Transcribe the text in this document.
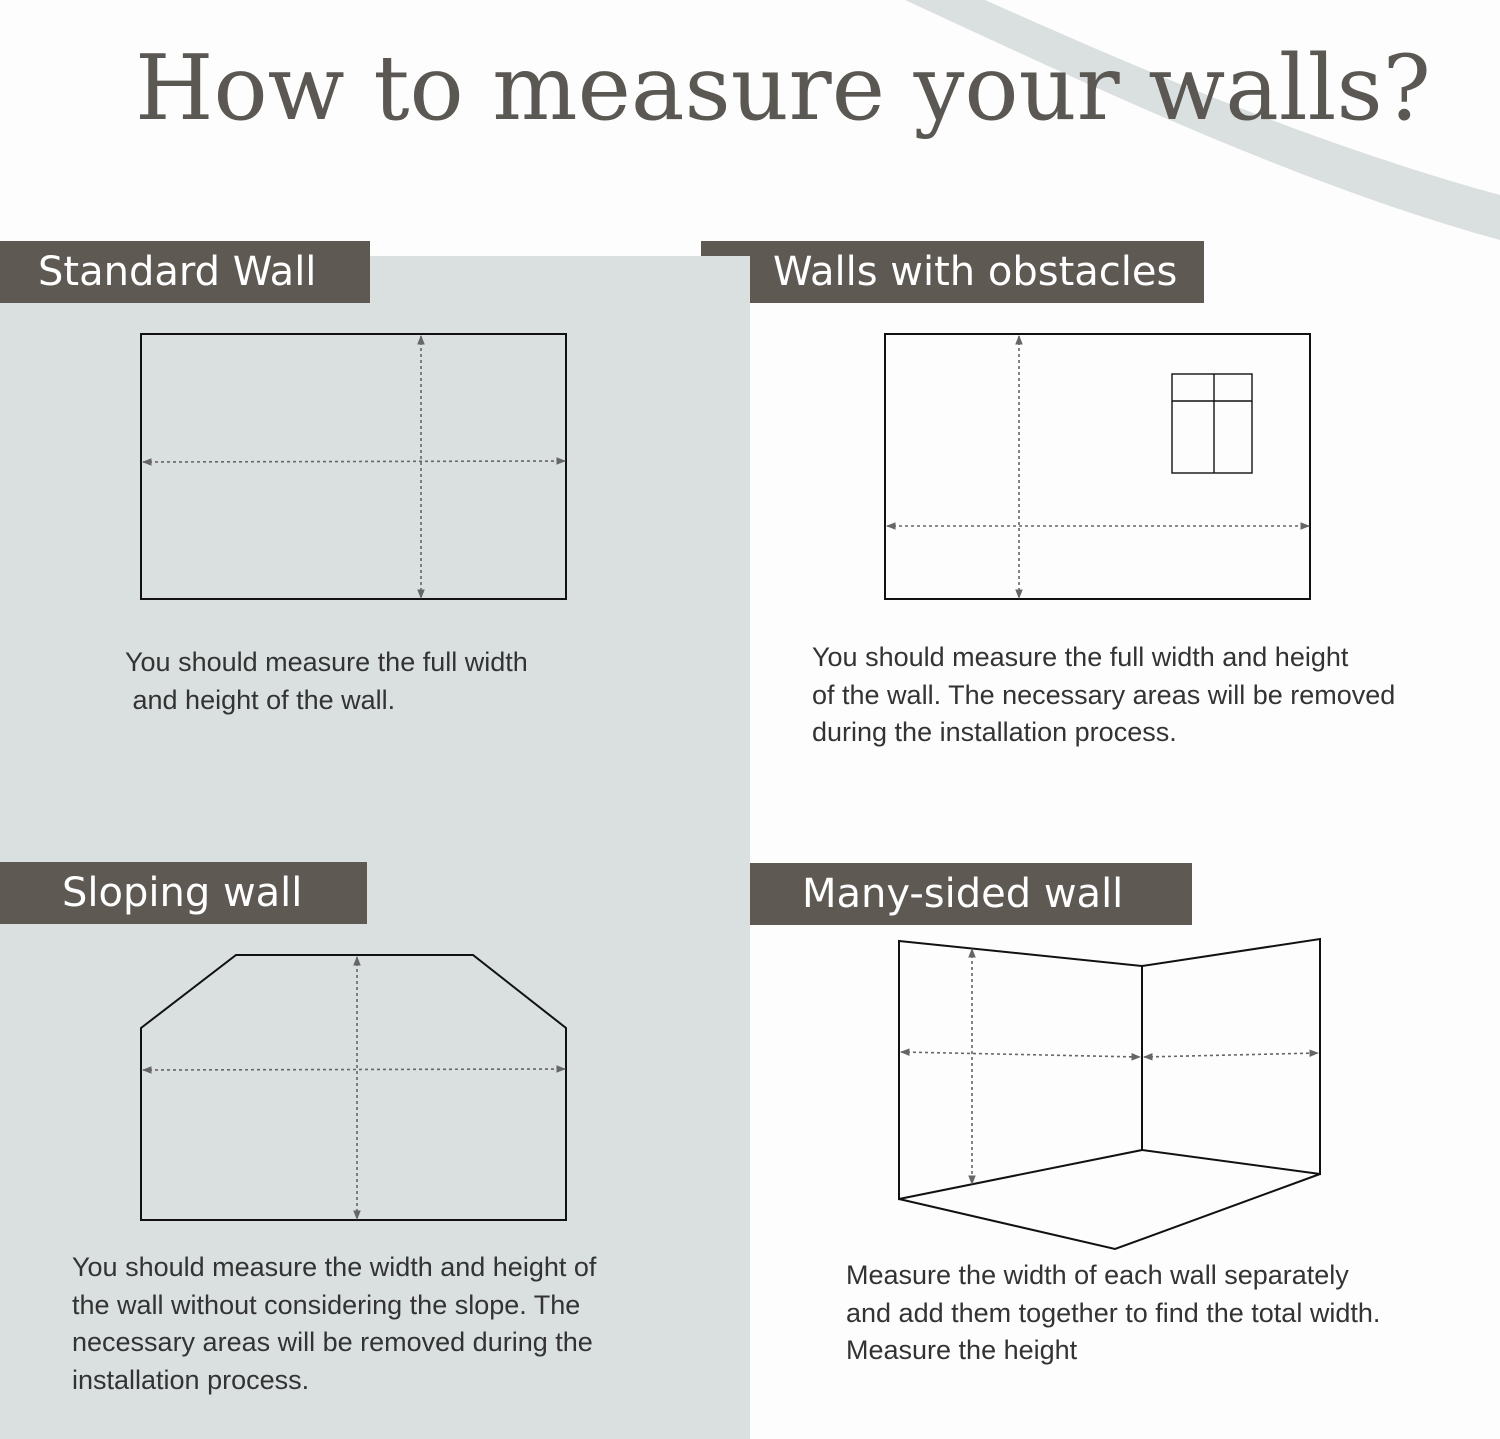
How to measure your walls?
Standard Wall	Walls with obstacles
Sloping wall	Many-sided wall
You should measure the full width
and height of the wall.
You should measure the full width and height
of the wall. The necessary areas will be removed
during the installation process.
You should measure the width and height of
the wall without considering the slope. The
necessary areas will be removed during the
installation process.
Measure the width of each wall separately
and add them together to find the total width.
Measure the height
